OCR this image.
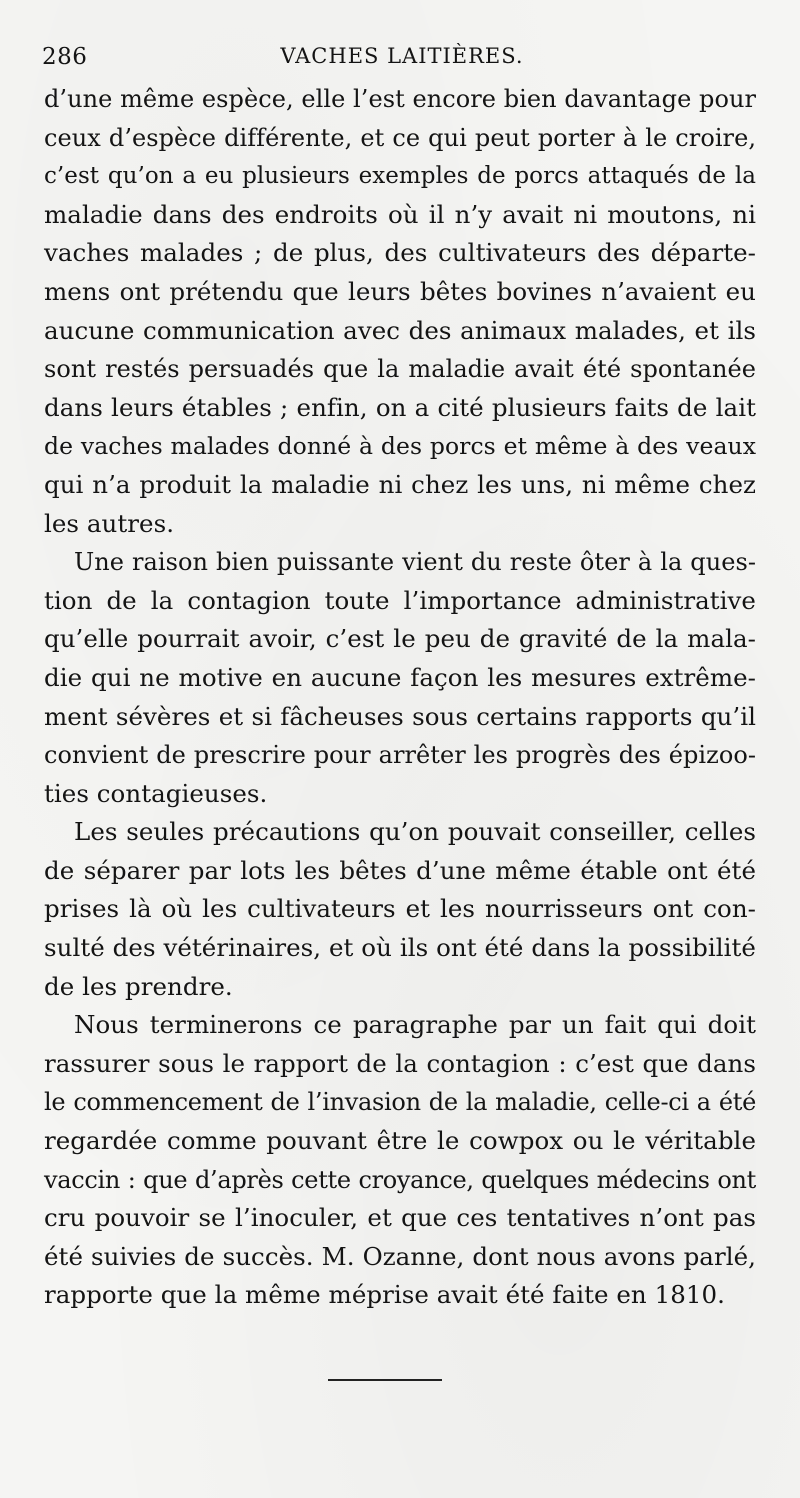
286	VACHES LAITIÈRES.
d’une même espèce, elle l’est encore bien davantage pour
ceux d’espèce différente, et ce qui peut porter à le croire,
c’est qu’on a eu plusieurs exemples de porcs attaqués de la
maladie dans des endroits où il n’y avait ni moutons, ni
vaches malades ; de plus, des cultivateurs des départe-
mens ont prétendu que leurs bêtes bovines n’avaient eu
aucune communication avec des animaux malades, et ils
sont restés persuadés que la maladie avait été spontanée
dans leurs étables ; enfin, on a cité plusieurs faits de lait
de vaches malades donné à des porcs et même à des veaux
qui n’a produit la maladie ni chez les uns, ni même chez
les autres.
Une raison bien puissante vient du reste ôter à la ques-
tion de la contagion toute l’importance administrative
qu’elle pourrait avoir, c’est le peu de gravité de la mala-
die qui ne motive en aucune façon les mesures extrême-
ment sévères et si fâcheuses sous certains rapports qu’il
convient de prescrire pour arrêter les progrès des épizoo-
ties contagieuses.
Les seules précautions qu’on pouvait conseiller, celles
de séparer par lots les bêtes d’une même étable ont été
prises là où les cultivateurs et les nourrisseurs ont con-
sulté des vétérinaires, et où ils ont été dans la possibilité
de les prendre.
Nous terminerons ce paragraphe par un fait qui doit
rassurer sous le rapport de la contagion : c’est que dans
le commencement de l’invasion de la maladie, celle-ci a été
regardée comme pouvant être le cowpox ou le véritable
vaccin : que d’après cette croyance, quelques médecins ont
cru pouvoir se l’inoculer, et que ces tentatives n’ont pas
été suivies de succès. M. Ozanne, dont nous avons parlé,
rapporte que la même méprise avait été faite en 1810.
